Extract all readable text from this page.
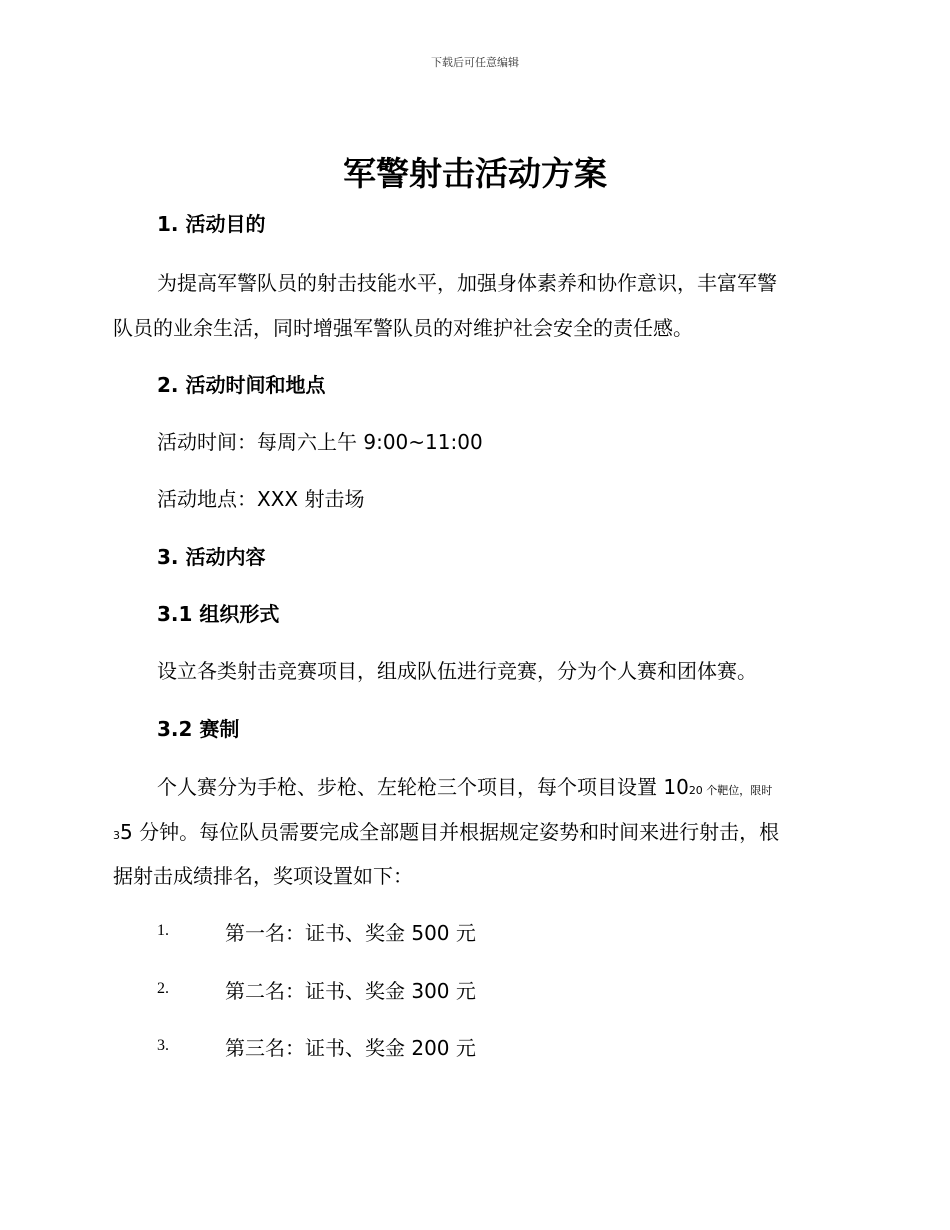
下载后可任意编辑
军警射击活动方案
1. 活动目的
为提高军警队员的射击技能水平，加强身体素养和协作意识，丰富军警
队员的业余生活，同时增强军警队员的对维护社会安全的责任感。
2. 活动时间和地点
活动时间：每周六上午 9:00~11:00
活动地点：XXX 射击场
3. 活动内容
3.1 组织形式
设立各类射击竞赛项目，组成队伍进行竞赛，分为个人赛和团体赛。
3.2 赛制
个人赛分为手枪、步枪、左轮枪三个项目，每个项目设置 1020 个靶位，限时
35 分钟。每位队员需要完成全部题目并根据规定姿势和时间来进行射击，根
据射击成绩排名，奖项设置如下：
1.	第一名：证书、奖金 500 元
2.	第二名：证书、奖金 300 元
3.	第三名：证书、奖金 200 元
